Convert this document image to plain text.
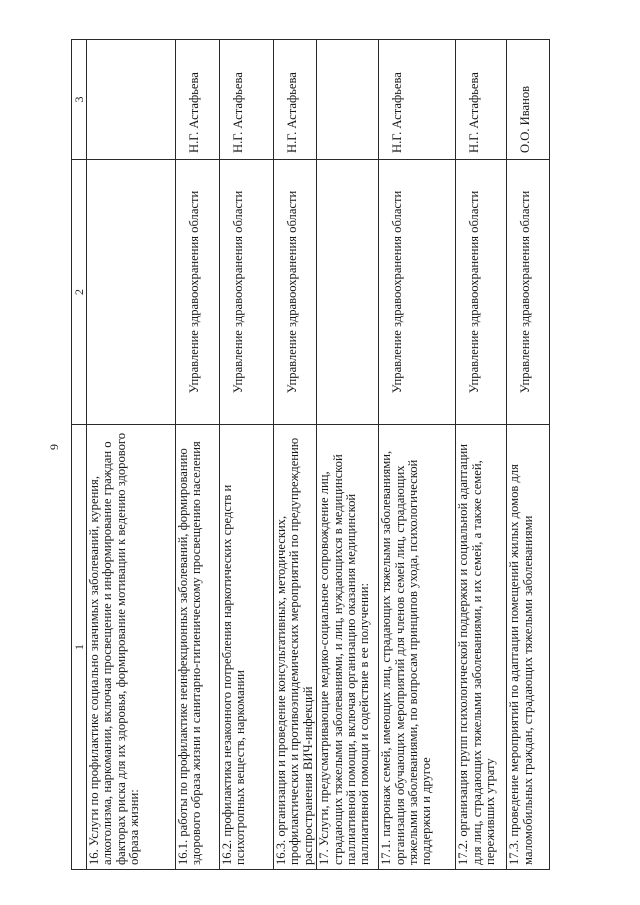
9
1	2	3

16. Услуги по профилактике социально значимых заболеваний, курения, алкоголизма, наркомании, включая просвещение и информирование граждан о факторах риска для их здоровья, формирование мотивации к ведению здорового образа жизни:		

16.1. работы по профилактике неинфекционных заболеваний, формированию здорового образа жизни и санитарно-гигиеническому просвещению населения	Управление здравоохранения области	Н.Г. Астафьева

16.2. профилактика незаконного потребления наркотических средств и психотропных веществ, наркомании	Управление здравоохранения области	Н.Г. Астафьева

16.3. организация и проведение консультативных, методических, профилактических и противоэпидемических мероприятий по предупреждению распространения ВИЧ-инфекций	Управление здравоохранения области	Н.Г. Астафьева

17. Услуги, предусматривающие медико-социальное сопровождение лиц, страдающих тяжелыми заболеваниями, и лиц, нуждающихся в медицинской паллиативной помощи, включая организацию оказания медицинской паллиативной помощи и содействие в ее получении:		

17.1. патронаж семей, имеющих лиц, страдающих тяжелыми заболеваниями, организация обучающих мероприятий для членов семей лиц, страдающих тяжелыми заболеваниями, по вопросам принципов ухода, психологической поддержки и другое	Управление здравоохранения области	Н.Г. Астафьева

17.2. организация групп психологической поддержки и социальной адаптации для лиц, страдающих тяжелыми заболеваниями, и их семей, а также семей, переживших утрату	Управление здравоохранения области	Н.Г. Астафьева

17.3. проведение мероприятий по адаптации помещений жилых домов для маломобильных граждан, страдающих тяжелыми заболеваниями	Управление здравоохранения области	О.О. Иванов
